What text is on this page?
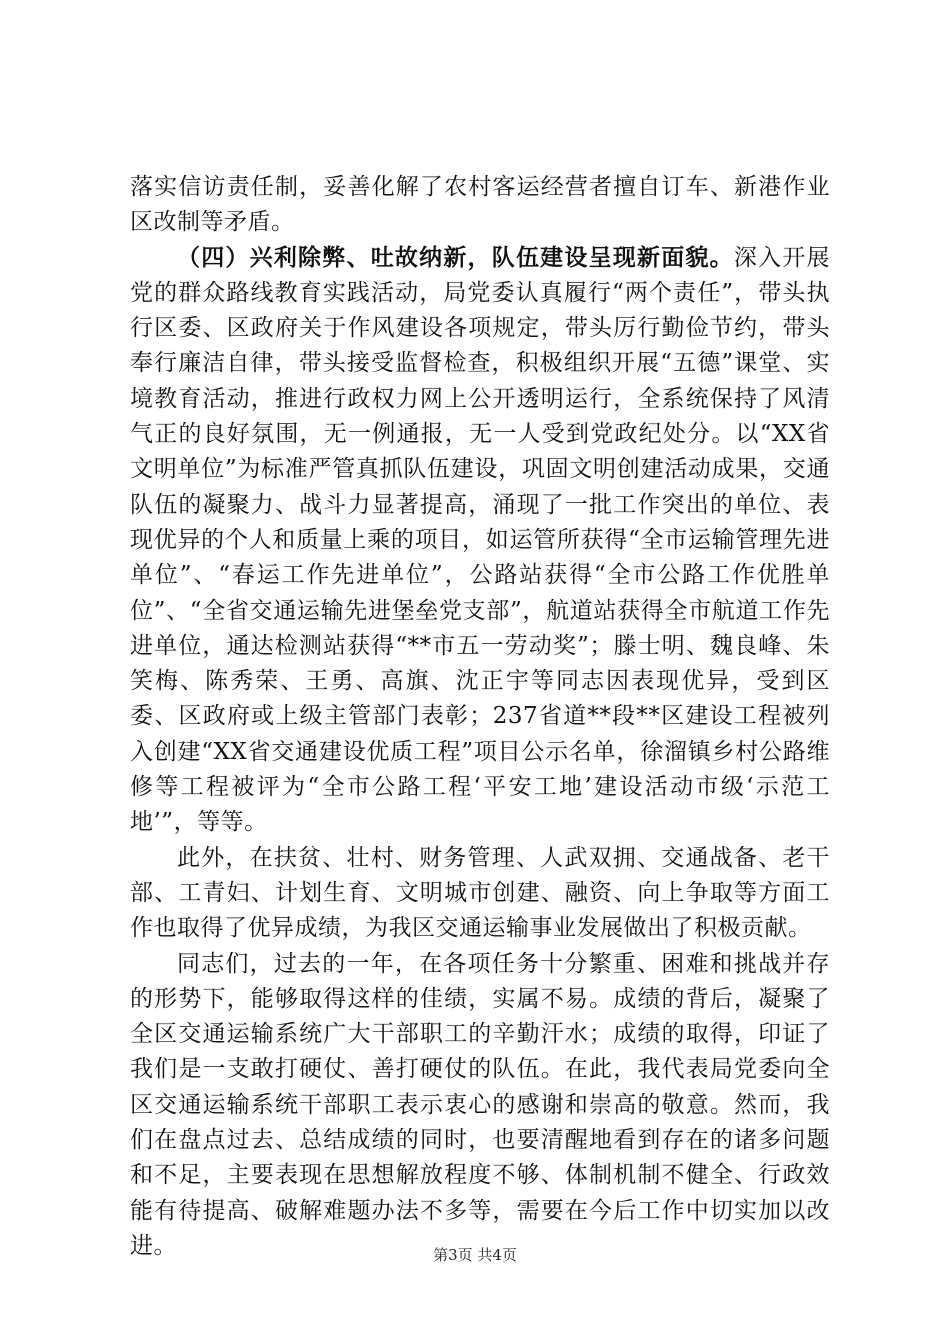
落实信访责任制，妥善化解了农村客运经营者擅自订车、新港作业区改制等矛盾。

（四）兴利除弊、吐故纳新，队伍建设呈现新面貌。深入开展党的群众路线教育实践活动，局党委认真履行“两个责任”，带头执行区委、区政府关于作风建设各项规定，带头厉行勤俭节约，带头奉行廉洁自律，带头接受监督检查，积极组织开展“五德”课堂、实境教育活动，推进行政权力网上公开透明运行，全系统保持了风清气正的良好氛围，无一例通报，无一人受到党政纪处分。以“XX省文明单位”为标准严管真抓队伍建设，巩固文明创建活动成果，交通队伍的凝聚力、战斗力显著提高，涌现了一批工作突出的单位、表现优异的个人和质量上乘的项目，如运管所获得“全市运输管理先进单位”、“春运工作先进单位”，公路站获得“全市公路工作优胜单位”、“全省交通运输先进堡垒党支部”，航道站获得全市航道工作先进单位，通达检测站获得“**市五一劳动奖”；滕士明、魏良峰、朱笑梅、陈秀荣、王勇、高旗、沈正宇等同志因表现优异，受到区委、区政府或上级主管部门表彰；237省道**段**区建设工程被列入创建“XX省交通建设优质工程”项目公示名单，徐溜镇乡村公路维修等工程被评为“全市公路工程‘平安工地’建设活动市级‘示范工地’”，等等。

此外，在扶贫、壮村、财务管理、人武双拥、交通战备、老干部、工青妇、计划生育、文明城市创建、融资、向上争取等方面工作也取得了优异成绩，为我区交通运输事业发展做出了积极贡献。

同志们，过去的一年，在各项任务十分繁重、困难和挑战并存的形势下，能够取得这样的佳绩，实属不易。成绩的背后，凝聚了全区交通运输系统广大干部职工的辛勤汗水；成绩的取得，印证了我们是一支敢打硬仗、善打硬仗的队伍。在此，我代表局党委向全区交通运输系统干部职工表示衷心的感谢和崇高的敬意。然而，我们在盘点过去、总结成绩的同时，也要清醒地看到存在的诸多问题和不足，主要表现在思想解放程度不够、体制机制不健全、行政效能有待提高、破解难题办法不多等，需要在今后工作中切实加以改进。	第3页 共4页
